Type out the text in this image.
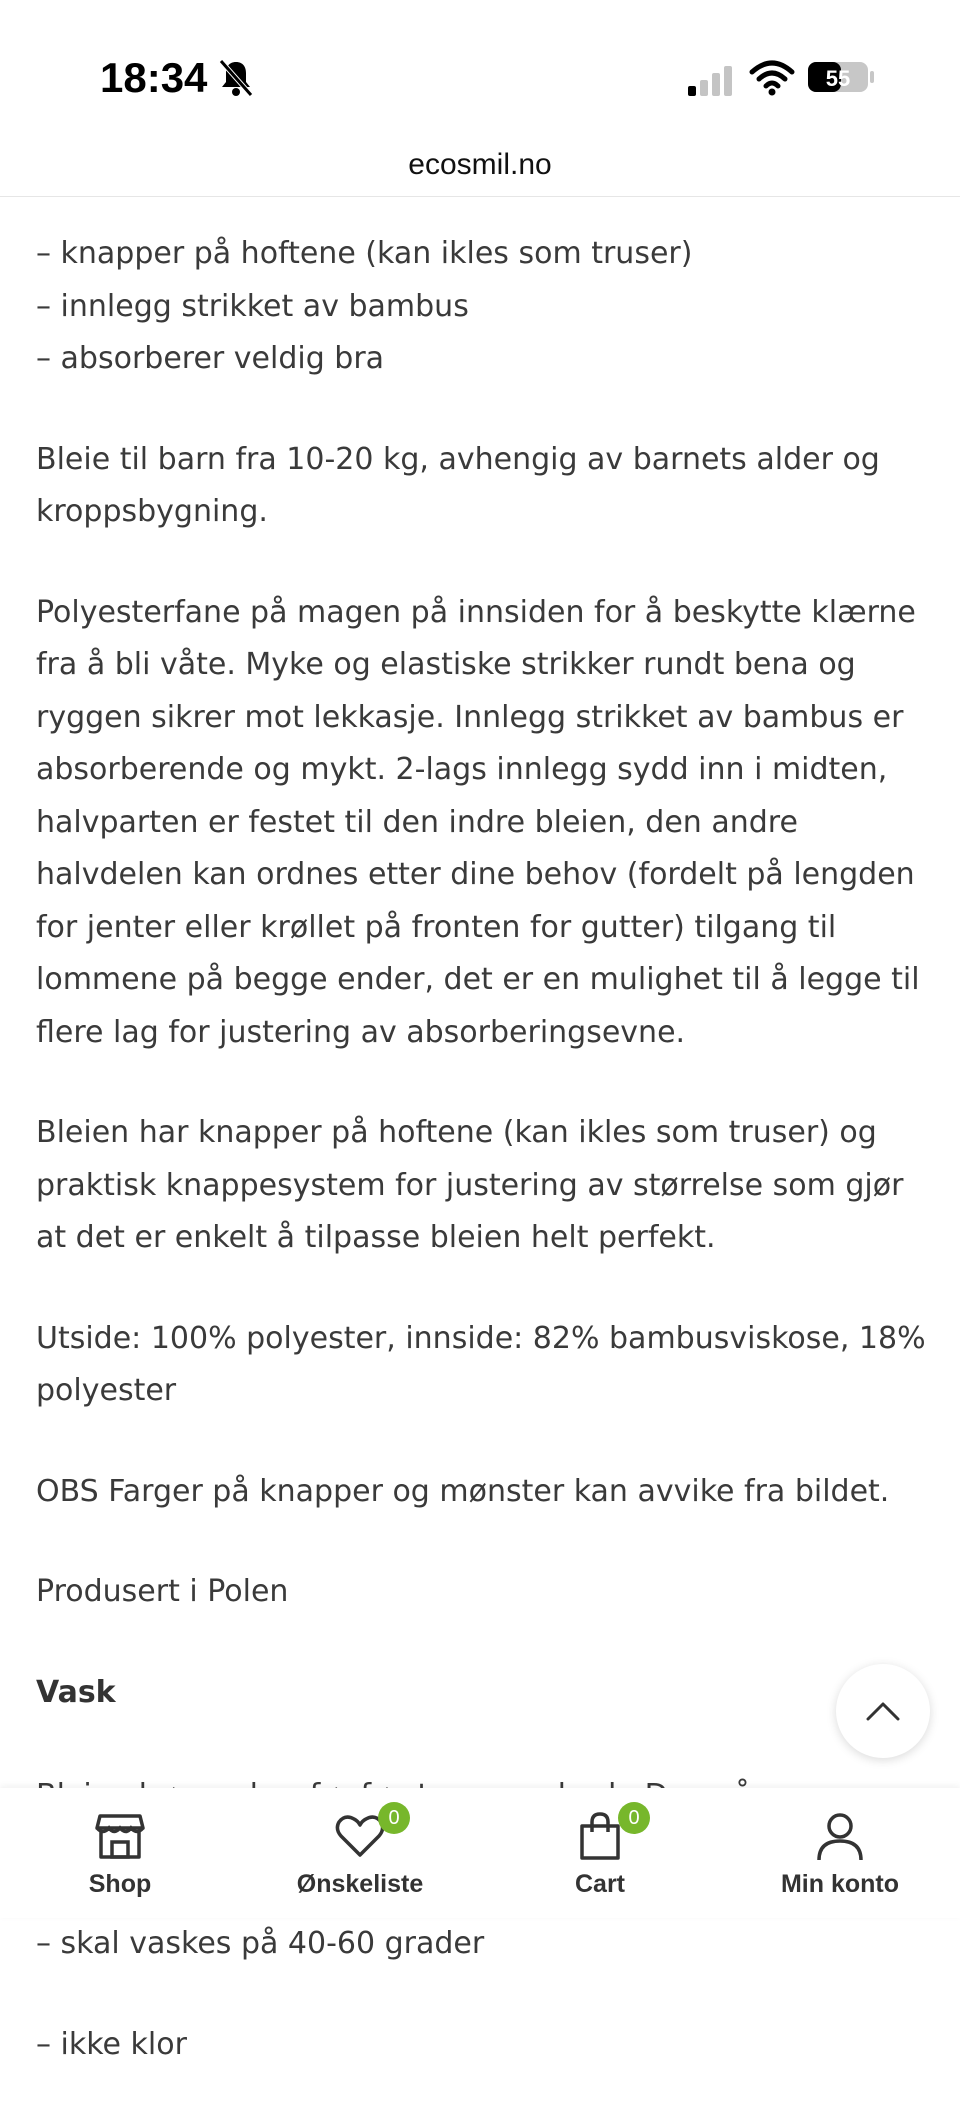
18:34	55
ecosmil.no

– knapper på hoftene (kan ikles som truser)
– innlegg strikket av bambus
– absorberer veldig bra

Bleie til barn fra 10-20 kg, avhengig av barnets alder og
kroppsbygning.

Polyesterfane på magen på innsiden for å beskytte klærne
fra å bli våte. Myke og elastiske strikker rundt bena og
ryggen sikrer mot lekkasje. Innlegg strikket av bambus er
absorberende og mykt. 2-lags innlegg sydd inn i midten,
halvparten er festet til den indre bleien, den andre
halvdelen kan ordnes etter dine behov (fordelt på lengden
for jenter eller krøllet på fronten for gutter) tilgang til
lommene på begge ender, det er en mulighet til å legge til
flere lag for justering av absorberingsevne.

Bleien har knapper på hoftene (kan ikles som truser) og
praktisk knappesystem for justering av størrelse som gjør
at det er enkelt å tilpasse bleien helt perfekt.

Utside: 100% polyester, innside: 82% bambusviskose, 18%
polyester

OBS Farger på knapper og mønster kan avvike fra bildet.

Produsert i Polen

Vask

Shop
0
Ønskeliste
0
Cart	Min konto

– skal vaskes på 40-60 grader

– ikke klor
